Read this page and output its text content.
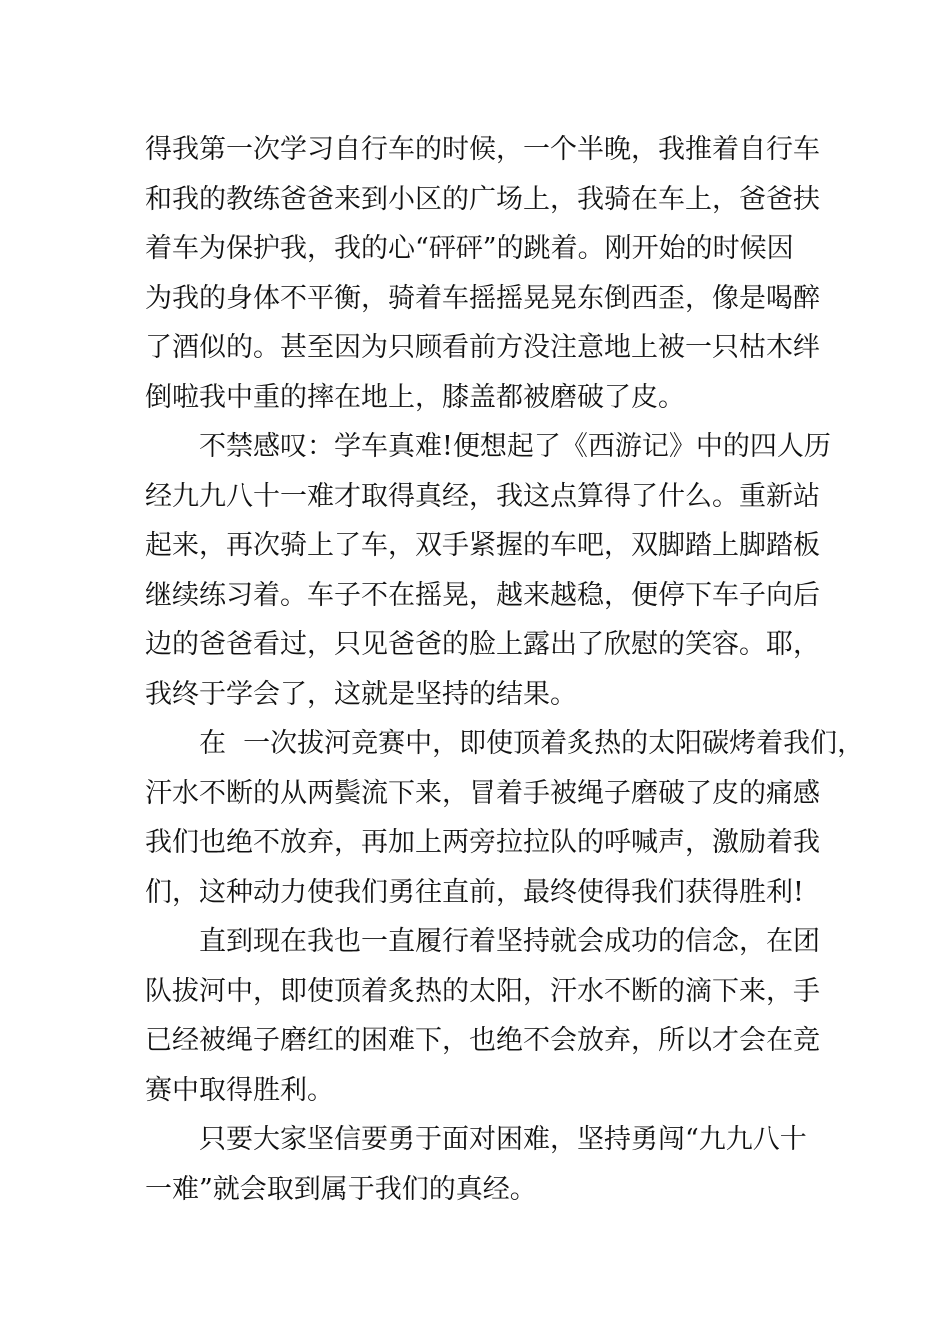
得我第一次学习自行车的时候，一个半晚，我推着自行车
和我的教练爸爸来到小区的广场上，我骑在车上，爸爸扶
着车为保护我，我的心“砰砰”的跳着。刚开始的时候因
为我的身体不平衡，骑着车摇摇晃晃东倒西歪，像是喝醉
了酒似的。甚至因为只顾看前方没注意地上被一只枯木绊
倒啦我中重的摔在地上，膝盖都被磨破了皮。
不禁感叹：学车真难!便想起了《西游记》中的四人历
经九九八十一难才取得真经，我这点算得了什么。重新站
起来，再次骑上了车，双手紧握的车吧，双脚踏上脚踏板
继续练习着。车子不在摇晃，越来越稳，便停下车子向后
边的爸爸看过，只见爸爸的脸上露出了欣慰的笑容。耶，
我终于学会了，这就是坚持的结果。
在  一次拔河竞赛中，即使顶着炙热的太阳碳烤着我们，
汗水不断的从两鬓流下来，冒着手被绳子磨破了皮的痛感
我们也绝不放弃，再加上两旁拉拉队的呼喊声，激励着我
们，这种动力使我们勇往直前，最终使得我们获得胜利!
直到现在我也一直履行着坚持就会成功的信念，在团
队拔河中，即使顶着炙热的太阳，汗水不断的滴下来，手
已经被绳子磨红的困难下，也绝不会放弃，所以才会在竞
赛中取得胜利。
只要大家坚信要勇于面对困难，坚持勇闯“九九八十
一难”就会取到属于我们的真经。
